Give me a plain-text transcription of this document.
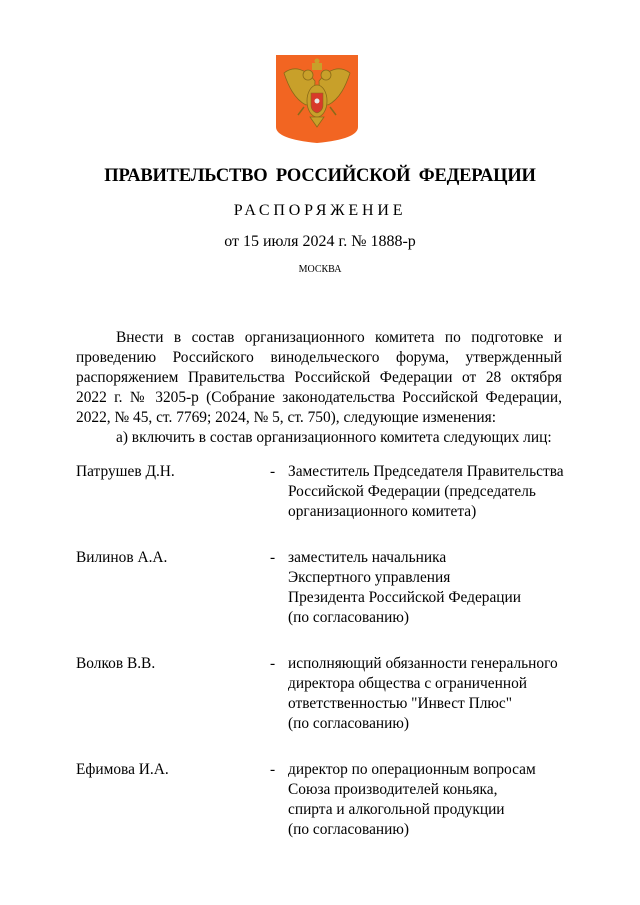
ПРАВИТЕЛЬСТВО РОССИЙСКОЙ ФЕДЕРАЦИИ
РАСПОРЯЖЕНИЕ
от 15 июля 2024 г. № 1888-р
МОСКВА

Внести в состав организационного комитета по подготовке и проведению Российского винодельческого форума, утвержденный распоряжением Правительства Российской Федерации от 28 октября 2022 г. № 3205-р (Собрание законодательства Российской Федерации, 2022, № 45, ст. 7769; 2024, № 5, ст. 750), следующие изменения:

а) включить в состав организационного комитета следующих лиц:

Патрушев Д.Н.	- Заместитель Председателя Правительства
Российской Федерации (председатель
организационного комитета)
Вилинов А.А.	- заместитель начальника
Экспертного управления
Президента Российской Федерации
(по согласованию)
Волков В.В.	- исполняющий обязанности генерального
директора общества с ограниченной
ответственностью "Инвест Плюс"
(по согласованию)
Ефимова И.А.	- директор по операционным вопросам
Союза производителей коньяка,
спирта и алкогольной продукции
(по согласованию)
